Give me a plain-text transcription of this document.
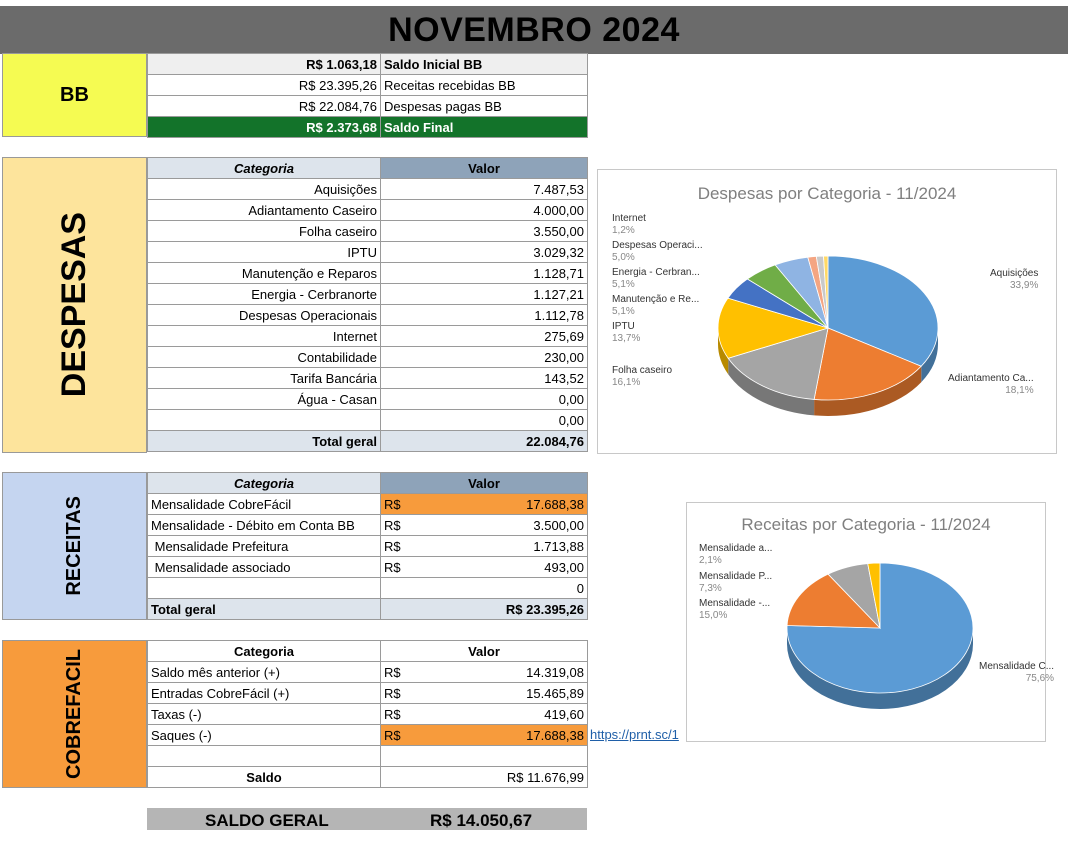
NOVEMBRO 2024
BB
R$ 1.063,18	Saldo Inicial BB
R$ 23.395,26	Receitas recebidas BB
R$ 22.084,76	Despesas pagas BB
R$ 2.373,68	Saldo Final
DESPESAS
Categoria	Valor
Aquisições	7.487,53
Adiantamento Caseiro	4.000,00
Folha caseiro	3.550,00
IPTU	3.029,32
Manutenção e Reparos	1.128,71
Energia - Cerbranorte	1.127,21
Despesas Operacionais	1.112,78
Internet	275,69
Contabilidade	230,00
Tarifa Bancária	143,52
Água - Casan	0,00
	0,00
Total geral	22.084,76
Despesas por Categoria - 11/2024
Internet
1,2%
Despesas Operaci...
5,0%
Energia - Cerbran...
5,1%
Manutenção e Re...
5,1%
IPTU
13,7%
Folha caseiro
16,1%
Aquisições
33,9%
Adiantamento Ca...
18,1%
RECEITAS
Categoria	Valor
Mensalidade CobreFácil	R$ 17.688,38

Mensalidade - Débito em Conta BB	R$ 3.500,00

Mensalidade Prefeitura	R$ 1.713,88

Mensalidade associado	R$ 493,00

	0

Total geral	R$ 23.395,26
Receitas por Categoria - 11/2024
Mensalidade a...
2,1%
Mensalidade P...
7,3%
Mensalidade -...
15,0%
Mensalidade C...
75,6%
COBREFACIL	Categoria	Valor
Saldo mês anterior (+)	R$ 14.319,08

Entradas CobreFácil (+)	R$ 15.465,89

Taxas (-)	R$ 419,60

Saques (-)	R$ 17.688,38

Saldo	R$ 11.676,99
https://prnt.sc/1
SALDO GERAL	R$ 14.050,67
